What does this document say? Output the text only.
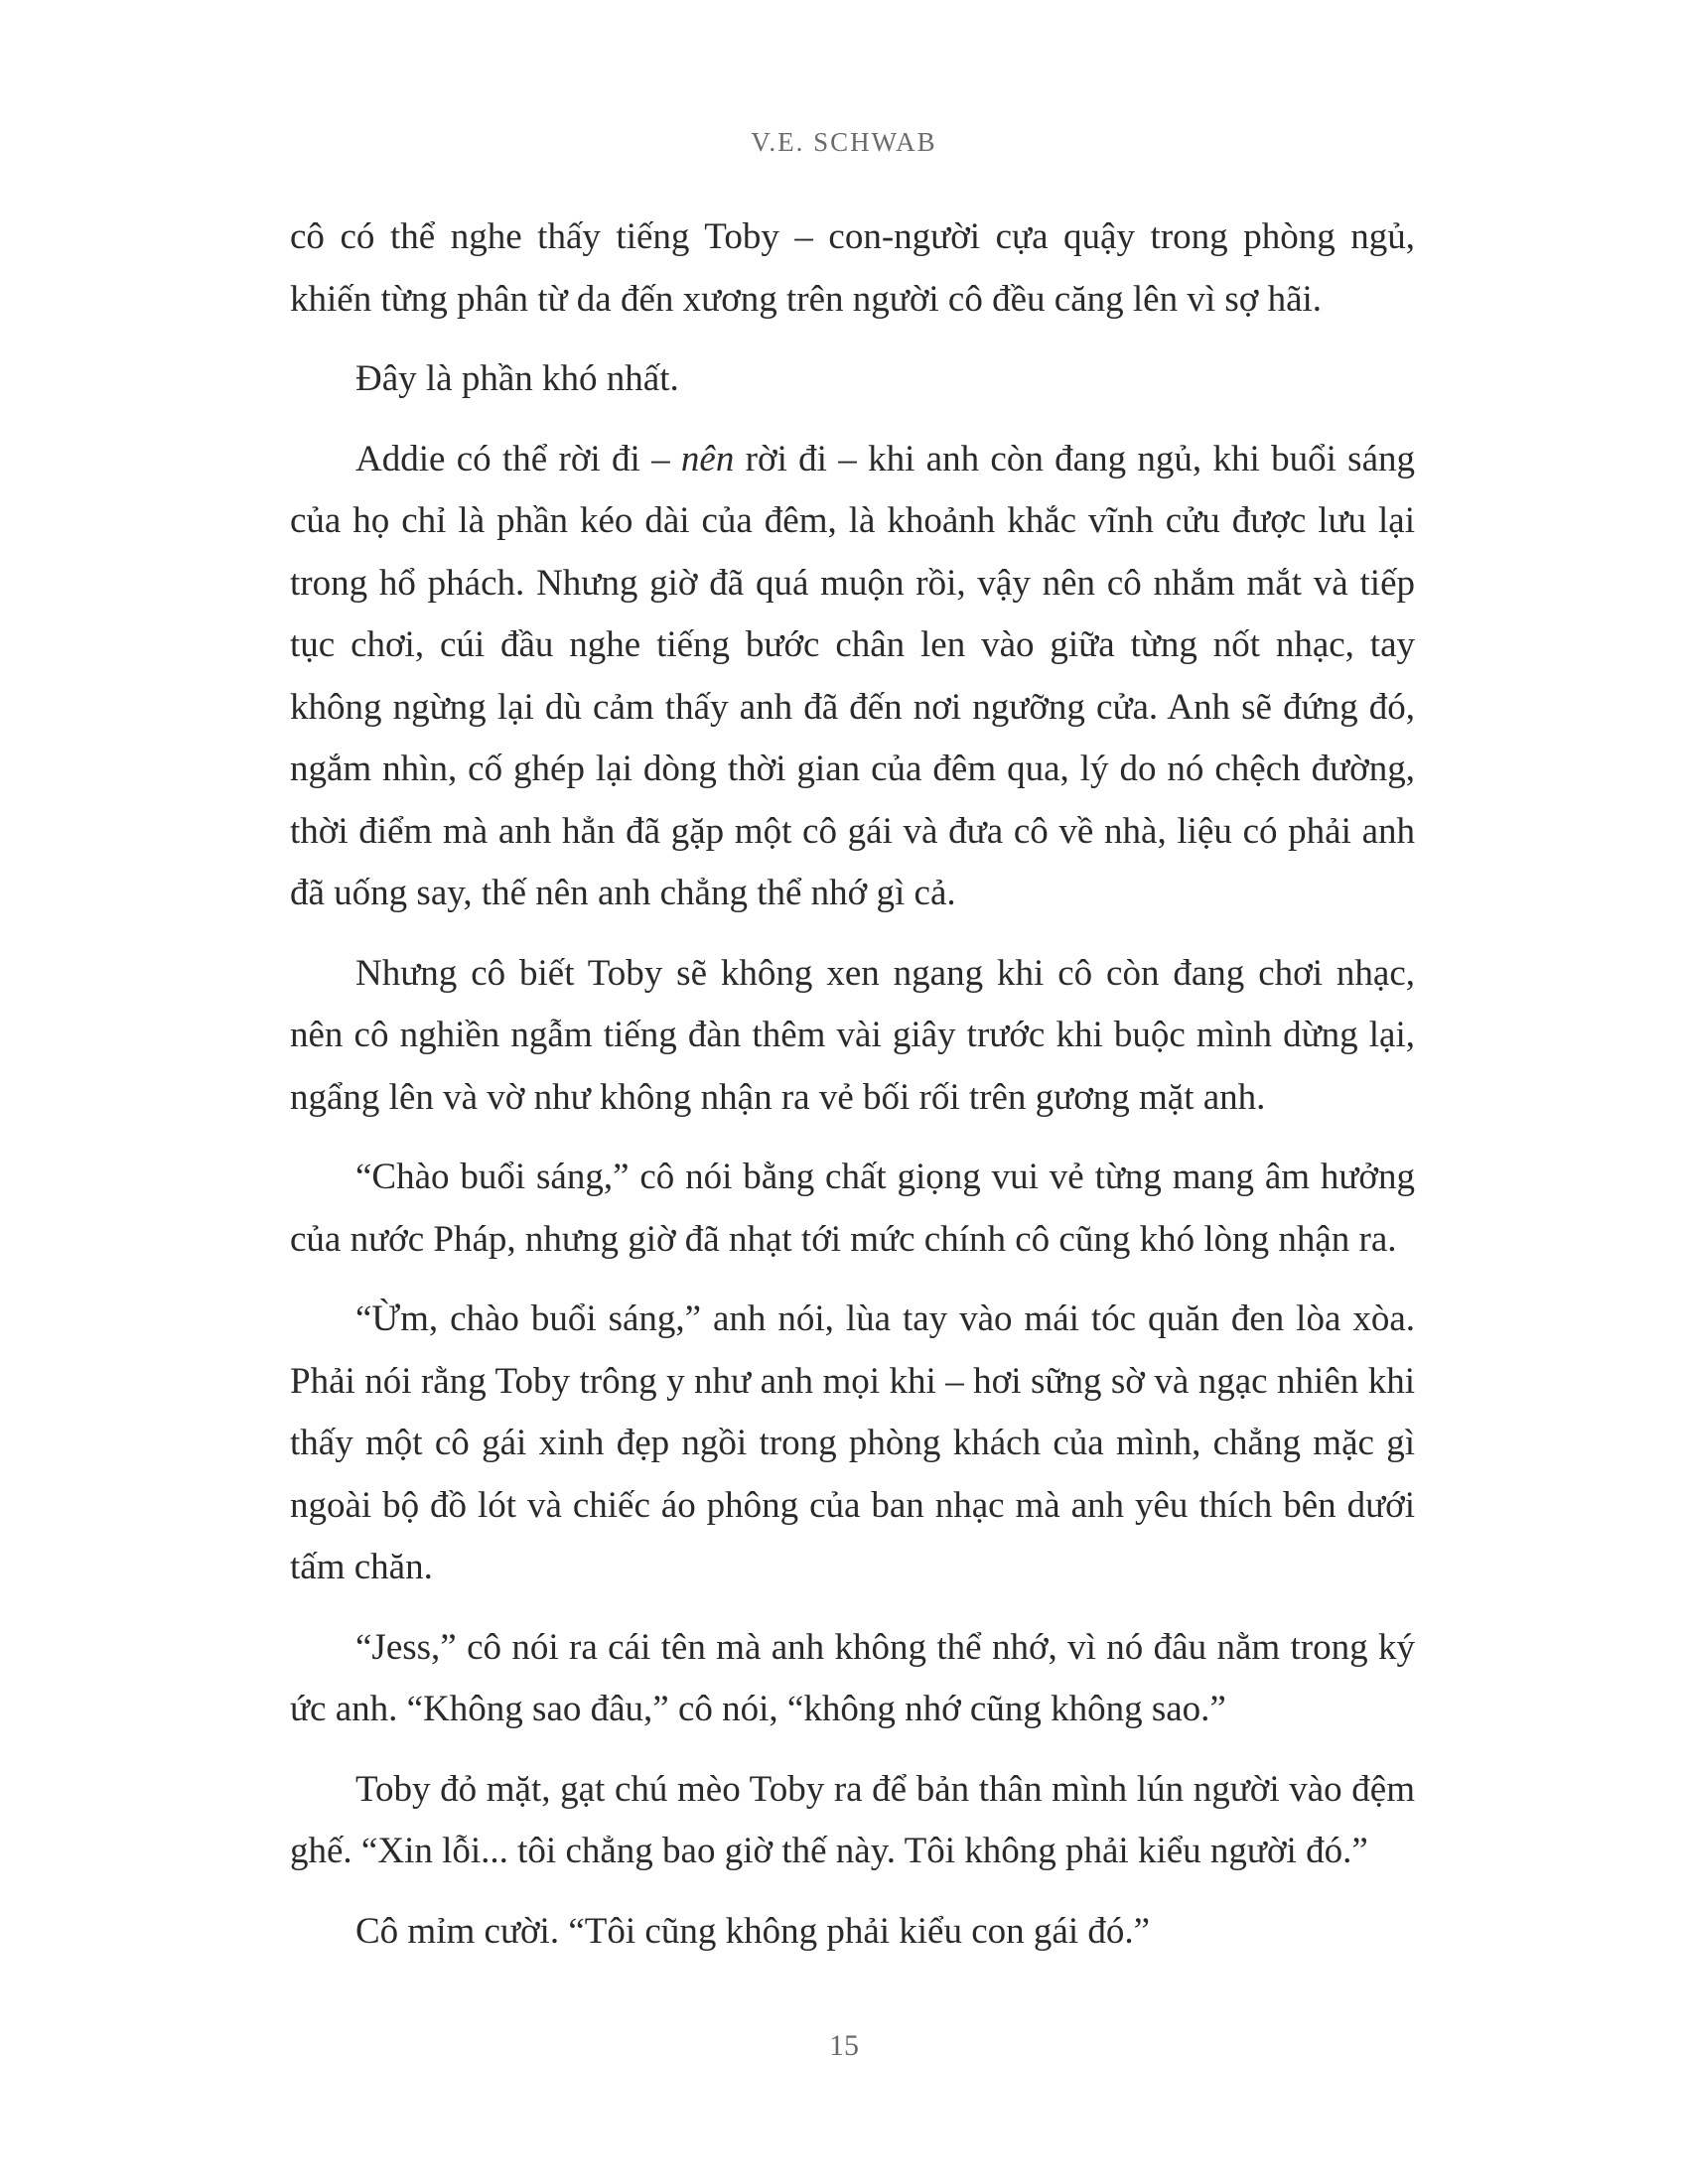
V.E. SCHWAB

cô có thể nghe thấy tiếng Toby – con-người cựa quậy trong phòng ngủ, khiến từng phân từ da đến xương trên người cô đều căng lên vì sợ hãi.

Đây là phần khó nhất.

Addie có thể rời đi – nên rời đi – khi anh còn đang ngủ, khi buổi sáng của họ chỉ là phần kéo dài của đêm, là khoảnh khắc vĩnh cửu được lưu lại trong hổ phách. Nhưng giờ đã quá muộn rồi, vậy nên cô nhắm mắt và tiếp tục chơi, cúi đầu nghe tiếng bước chân len vào giữa từng nốt nhạc, tay không ngừng lại dù cảm thấy anh đã đến nơi ngưỡng cửa. Anh sẽ đứng đó, ngắm nhìn, cố ghép lại dòng thời gian của đêm qua, lý do nó chệch đường, thời điểm mà anh hẳn đã gặp một cô gái và đưa cô về nhà, liệu có phải anh đã uống say, thế nên anh chẳng thể nhớ gì cả.

Nhưng cô biết Toby sẽ không xen ngang khi cô còn đang chơi nhạc, nên cô nghiền ngẫm tiếng đàn thêm vài giây trước khi buộc mình dừng lại, ngẩng lên và vờ như không nhận ra vẻ bối rối trên gương mặt anh.

“Chào buổi sáng,” cô nói bằng chất giọng vui vẻ từng mang âm hưởng của nước Pháp, nhưng giờ đã nhạt tới mức chính cô cũng khó lòng nhận ra.

“Ừm, chào buổi sáng,” anh nói, lùa tay vào mái tóc quăn đen lòa xòa. Phải nói rằng Toby trông y như anh mọi khi – hơi sững sờ và ngạc nhiên khi thấy một cô gái xinh đẹp ngồi trong phòng khách của mình, chẳng mặc gì ngoài bộ đồ lót và chiếc áo phông của ban nhạc mà anh yêu thích bên dưới tấm chăn.

“Jess,” cô nói ra cái tên mà anh không thể nhớ, vì nó đâu nằm trong ký ức anh. “Không sao đâu,” cô nói, “không nhớ cũng không sao.”

Toby đỏ mặt, gạt chú mèo Toby ra để bản thân mình lún người vào đệm ghế. “Xin lỗi... tôi chẳng bao giờ thế này. Tôi không phải kiểu người đó.”

Cô mỉm cười. “Tôi cũng không phải kiểu con gái đó.”

15
